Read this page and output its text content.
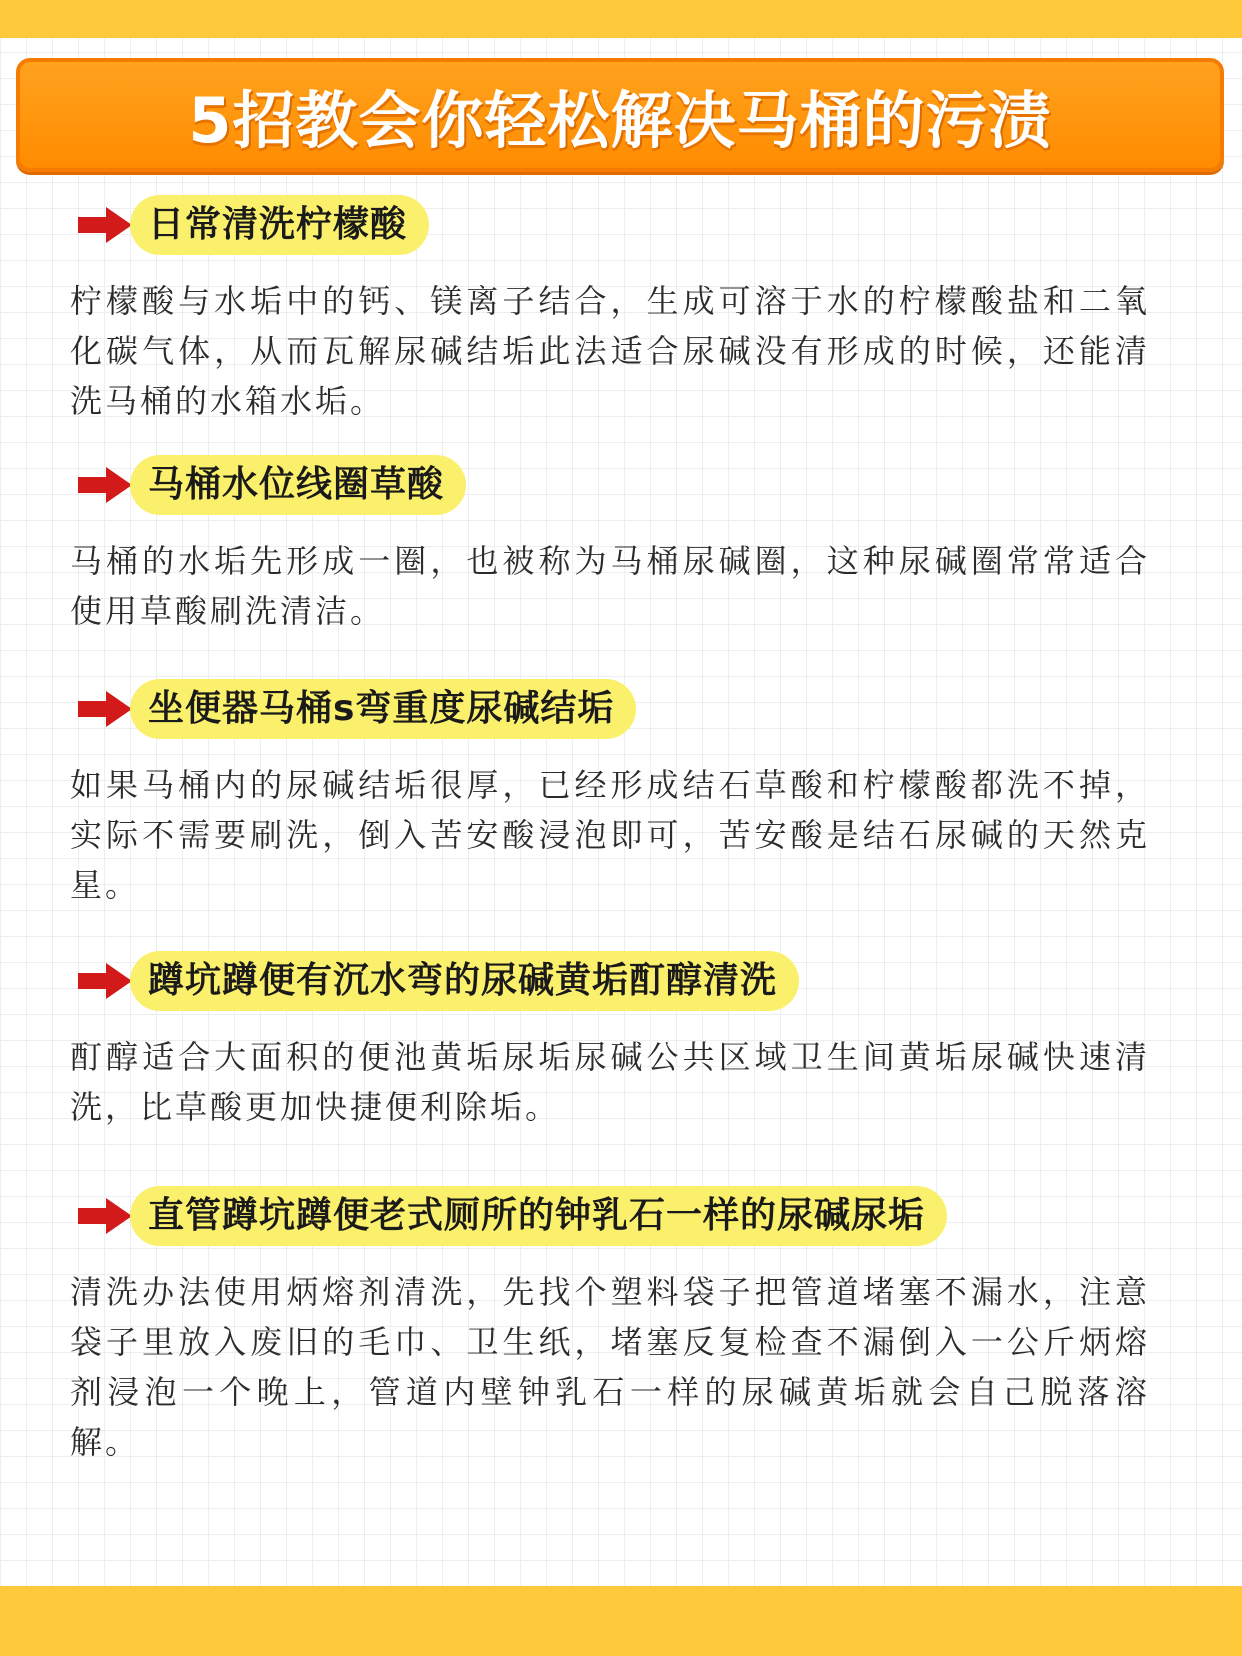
5招教会你轻松解决马桶的污渍
日常清洗柠檬酸

柠檬酸与水垢中的钙、镁离子结合，生成可溶于水的柠檬酸盐和二氧化碳气体，从而瓦解尿碱结垢此法适合尿碱没有形成的时候，还能清洗马桶的水箱水垢。

马桶水位线圈草酸

马桶的水垢先形成一圈，也被称为马桶尿碱圈，这种尿碱圈常常适合使用草酸刷洗清洁。

坐便器马桶s弯重度尿碱结垢

如果马桶内的尿碱结垢很厚，已经形成结石草酸和柠檬酸都洗不掉，实际不需要刷洗，倒入苦安酸浸泡即可，苦安酸是结石尿碱的天然克星。

蹲坑蹲便有沉水弯的尿碱黄垢酊醇清洗

酊醇适合大面积的便池黄垢尿垢尿碱公共区域卫生间黄垢尿碱快速清洗，比草酸更加快捷便利除垢。

直管蹲坑蹲便老式厕所的钟乳石一样的尿碱尿垢

清洗办法使用炳熔剂清洗，先找个塑料袋子把管道堵塞不漏水，注意袋子里放入废旧的毛巾、卫生纸，堵塞反复检查不漏倒入一公斤炳熔剂浸泡一个晚上，管道内壁钟乳石一样的尿碱黄垢就会自己脱落溶解。
